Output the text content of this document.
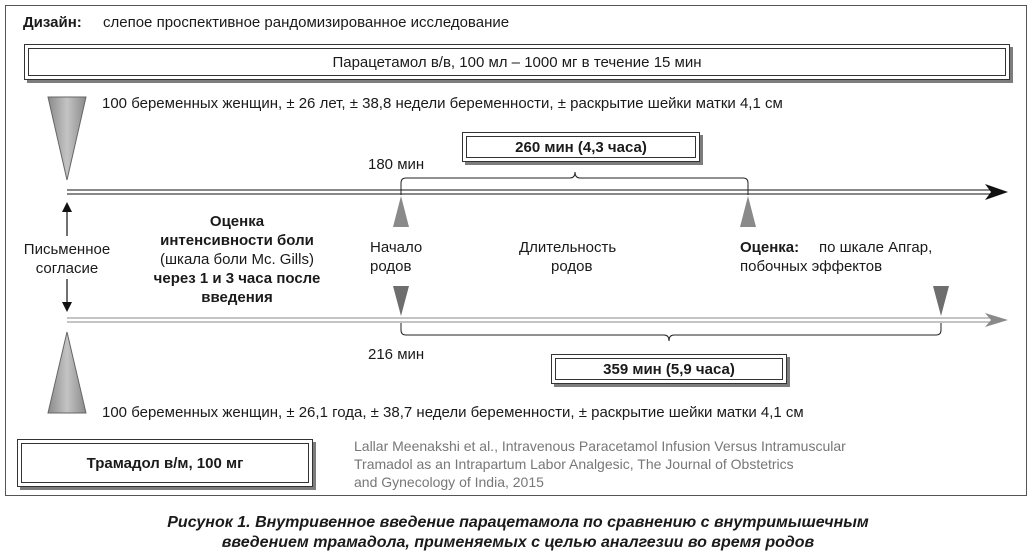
Дизайн: слепое проспективное рандомизированное исследование
Парацетамол в/в, 100 мл – 1000 мг в течение 15 мин
100 беременных женщин, ± 26 лет, ± 38,8 недели беременности, ± раскрытие шейки матки 4,1 см
100 беременных женщин, ± 26,1 года, ± 38,7 недели беременности, ± раскрытие шейки матки 4,1 см
180 мин
216 мин
260 мин (4,3 часа)
359 мин (5,9 часа)
Письменное
согласие
Оценка
интенсивности боли
(шкала боли Mc. Gills)
через 1 и 3 часа после
введения
Начало
родов
Длительность
родов
Оценка: по шкале Апгар,
побочных эффектов
Трамадол в/м, 100 мг
Lallar Meenakshi et al., Intravenous Paracetamol Infusion Versus Intramuscular
Tramadol as an Intrapartum Labor Analgesic, The Journal of Obstetrics
and Gynecology of India, 2015
Рисунок 1. Внутривенное введение парацетамола по сравнению с внутримышечным
введением трамадола, применяемых с целью аналгезии во время родов
